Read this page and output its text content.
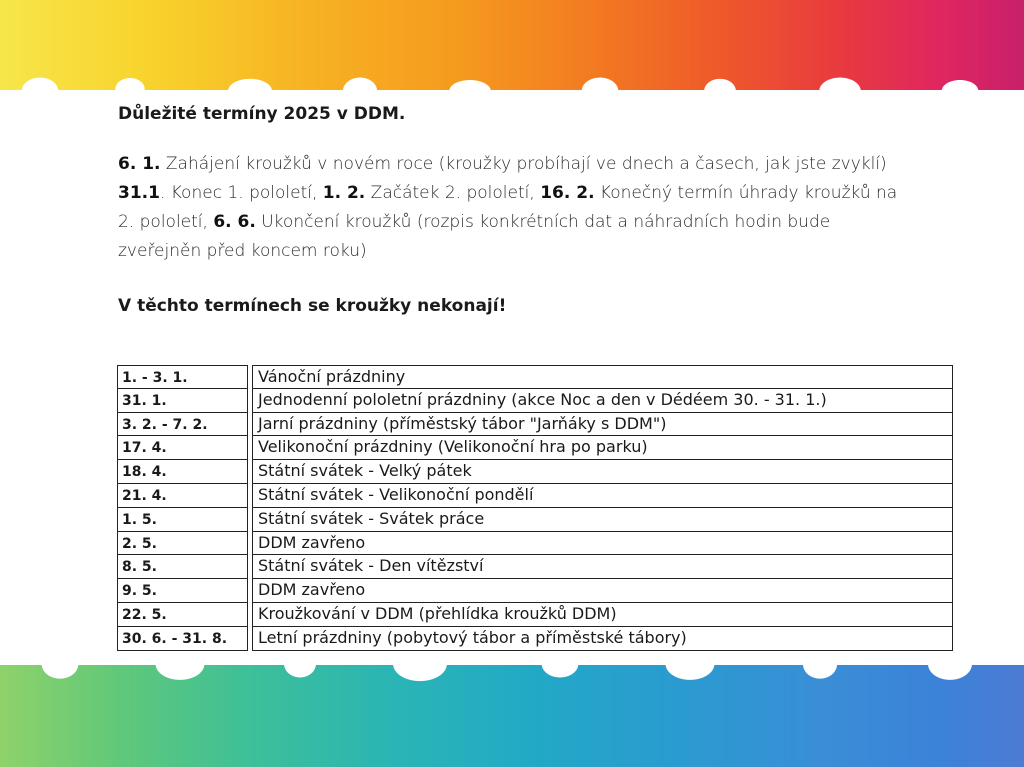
Důležité termíny 2025 v DDM.

6. 1. Zahájení kroužků v novém roce (kroužky probíhají ve dnech a časech, jak jste zvyklí) 31.1. Konec 1. pololetí, 1. 2. Začátek 2. pololetí, 16. 2. Konečný termín úhrady kroužků na 2. pololetí, 6. 6. Ukončení kroužků (rozpis konkrétních dat a náhradních hodin bude zveřejněn před koncem roku)

V těchto termínech se kroužky nekonají!

1. - 3. 1.	Vánoční prázdniny
31. 1.	Jednodenní pololetní prázdniny (akce Noc a den v Dédéem 30. - 31. 1.)
3. 2. - 7. 2.	Jarní prázdniny (příměstský tábor "Jarňáky s DDM")
17. 4.	Velikonoční prázdniny (Velikonoční hra po parku)
18. 4.	Státní svátek - Velký pátek
21. 4.	Státní svátek - Velikonoční pondělí
1. 5.	Státní svátek - Svátek práce
2. 5.	DDM zavřeno
8. 5.	Státní svátek - Den vítězství
9. 5.	DDM zavřeno
22. 5.	Kroužkování v DDM (přehlídka kroužků DDM)
30. 6. - 31. 8.	Letní prázdniny (pobytový tábor a příměstské tábory)
